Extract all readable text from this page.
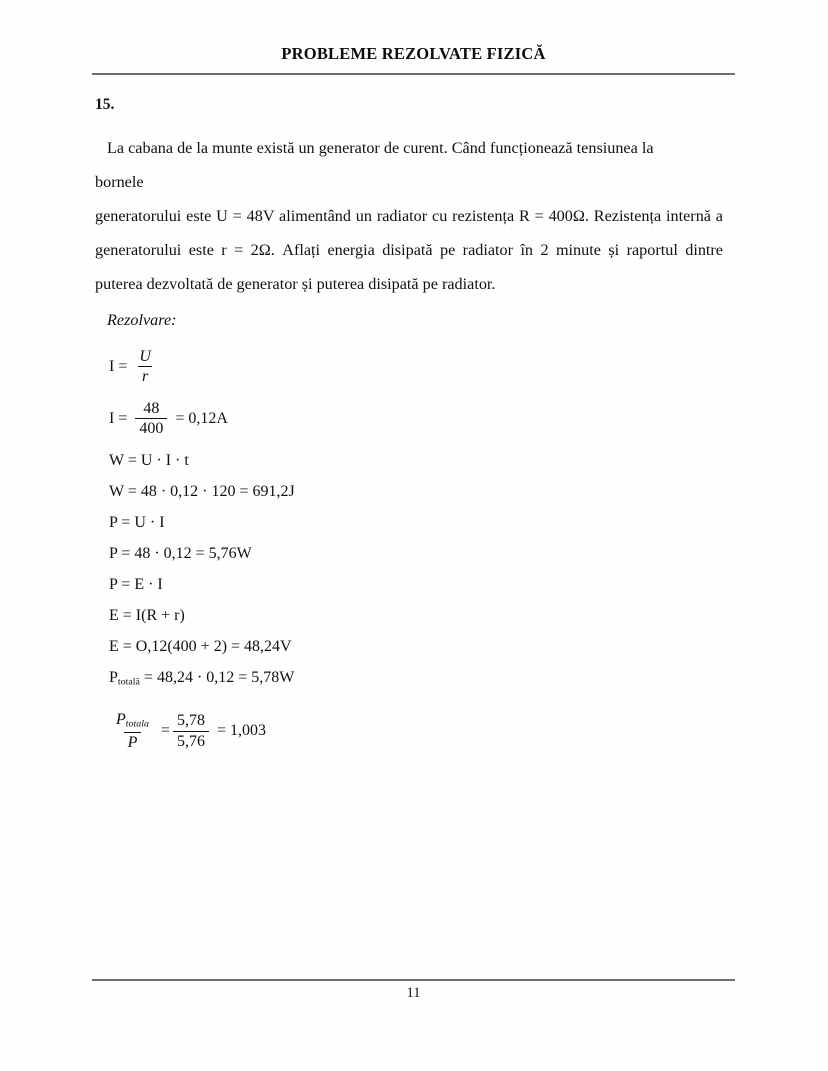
PROBLEME REZOLVATE FIZICĂ

15.

La cabana de la munte există un generator de curent. Când funcționează tensiunea la
bornele
generatorului este U = 48V alimentând un radiator cu rezistența R = 400Ω. Rezistența internă a generatorului este r = 2Ω. Aflați energia disipată pe radiator în 2 minute și raportul dintre puterea dezvoltată de generator și puterea disipată pe radiator.

Rezolvare:

$I = \frac{U}{r}$
$I = \frac{48}{400} = 0,12A$
W = U · I · t
W = 48 · 0,12 · 120 = 691,2J
P = U · I
P = 48 · 0,12 = 5,76W
P = E · I
E = I(R + r)
E = O,12(400 + 2) = 48,24V
$P_{totală} = 48,24 \cdot 0,12 = 5,78W$
$\frac{P_{totala}}{P} = \frac{5,78}{5,76} = 1,003$
11
